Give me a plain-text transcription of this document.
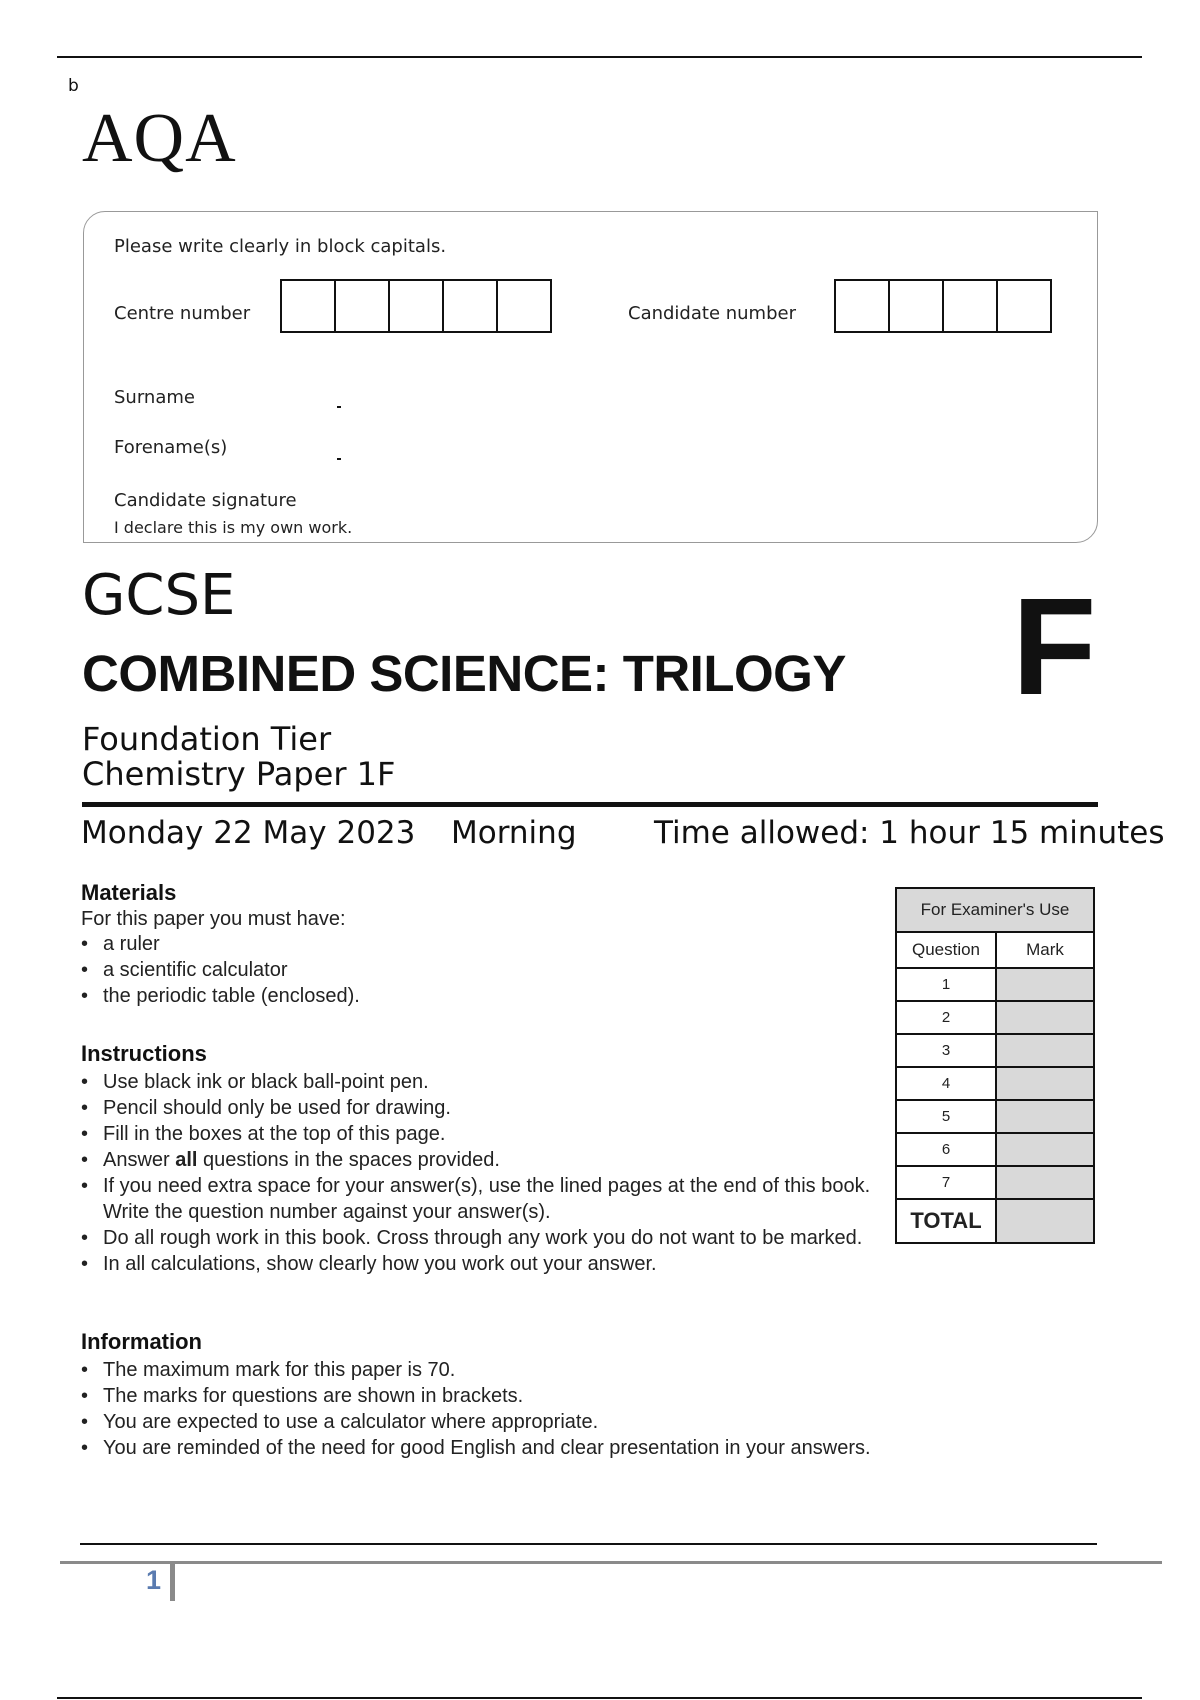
b
AQA
Please write clearly in block capitals.
Centre number	Candidate number
Surname
Forename(s)
Candidate signature
I declare this is my own work.
GCSE
COMBINED SCIENCE: TRILOGY F
Foundation Tier
Chemistry Paper 1F
Monday 22 May 2023 Morning	Time allowed: 1 hour 15 minutes
Materials
For this paper you must have:
• a ruler
• a scientific calculator
• the periodic table (enclosed).
Instructions
• Use black ink or black ball-point pen.
• Pencil should only be used for drawing.
• Fill in the boxes at the top of this page.
• Answer all questions in the spaces provided.
• If you need extra space for your answer(s), use the lined pages at the end of this book. Write the question number against your answer(s).
• Do all rough work in this book. Cross through any work you do not want to be marked.
• In all calculations, show clearly how you work out your answer.
Information
• The maximum mark for this paper is 70.
• The marks for questions are shown in brackets.
• You are expected to use a calculator where appropriate.
• You are reminded of the need for good English and clear presentation in your answers.
For Examiner's Use	
Question	Mark
1	
2	
3	
4	
5	
6	
7	
TOTAL	
1
